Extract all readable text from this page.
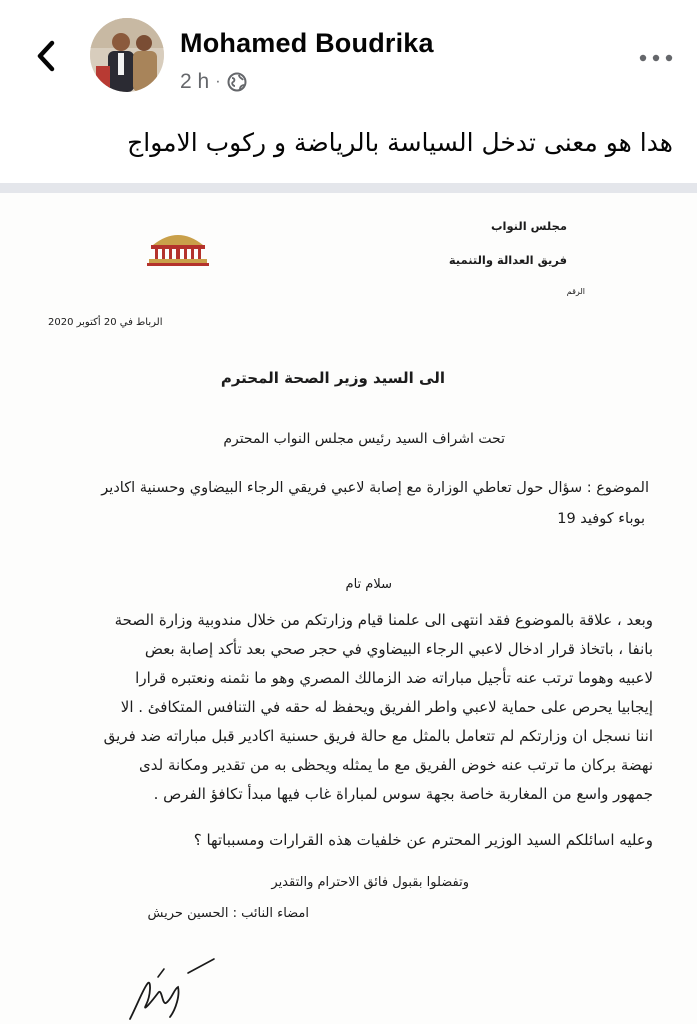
Mohamed Boudrika
2 h ·
هدا هو معنى تدخل السياسة بالرياضة و ركوب الامواج
مجلس النواب
فريق العدالة والتنمية
الرقم
الرباط في 20 أكتوبر 2020
الى السيد وزير الصحة المحترم
تحت اشراف السيد رئيس مجلس النواب المحترم
الموضوع : سؤال حول تعاطي الوزارة مع إصابة لاعبي فريقي الرجاء البيضاوي وحسنية اكادير
بوباء كوفيد 19
سلام تام
وبعد ، علاقة بالموضوع فقد انتهى الى علمنا قيام وزارتكم من خلال مندوبية وزارة الصحة
بانفا ، باتخاذ قرار ادخال لاعبي الرجاء البيضاوي في حجر صحي بعد تأكد إصابة بعض
لاعبيه وهوما ترتب عنه تأجيل مباراته ضد الزمالك المصري وهو ما نثمنه ونعتبره قرارا
إيجابيا يحرص على حماية لاعبي واطر الفريق ويحفظ له حقه في التنافس المتكافئ . الا
اننا نسجل ان وزارتكم لم تتعامل بالمثل مع حالة فريق حسنية اكادير قبل مباراته ضد فريق
نهضة بركان ما ترتب عنه خوض الفريق مع ما يمثله ويحظى به من تقدير ومكانة لدى
جمهور واسع من المغاربة خاصة بجهة سوس لمباراة غاب فيها مبدأ تكافؤ الفرص .
وعليه اسائلكم السيد الوزير المحترم عن خلفيات هذه القرارات ومسبباتها ؟
وتفضلوا بقبول فائق الاحترام والتقدير
امضاء النائب : الحسين حريش
